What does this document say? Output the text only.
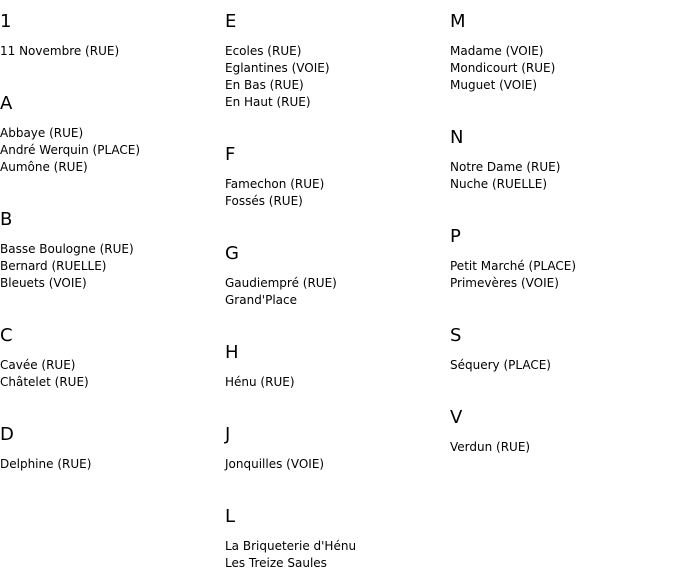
1
11 Novembre (RUE)
A
Abbaye (RUE)
André Werquin (PLACE)
Aumône (RUE)
B
Basse Boulogne (RUE)
Bernard (RUELLE)
Bleuets (VOIE)
C
Cavée (RUE)
Châtelet (RUE)
D
Delphine (RUE)
E
Ecoles (RUE)
Eglantines (VOIE)
En Bas (RUE)
En Haut (RUE)
F
Famechon (RUE)
Fossés (RUE)
G
Gaudiempré (RUE)
Grand'Place
H
Hénu (RUE)
J
Jonquilles (VOIE)
L
La Briqueterie d'Hénu
Les Treize Saules
M
Madame (VOIE)
Mondicourt (RUE)
Muguet (VOIE)
N
Notre Dame (RUE)
Nuche (RUELLE)
P
Petit Marché (PLACE)
Primevères (VOIE)
S
Séquery (PLACE)
V
Verdun (RUE)
